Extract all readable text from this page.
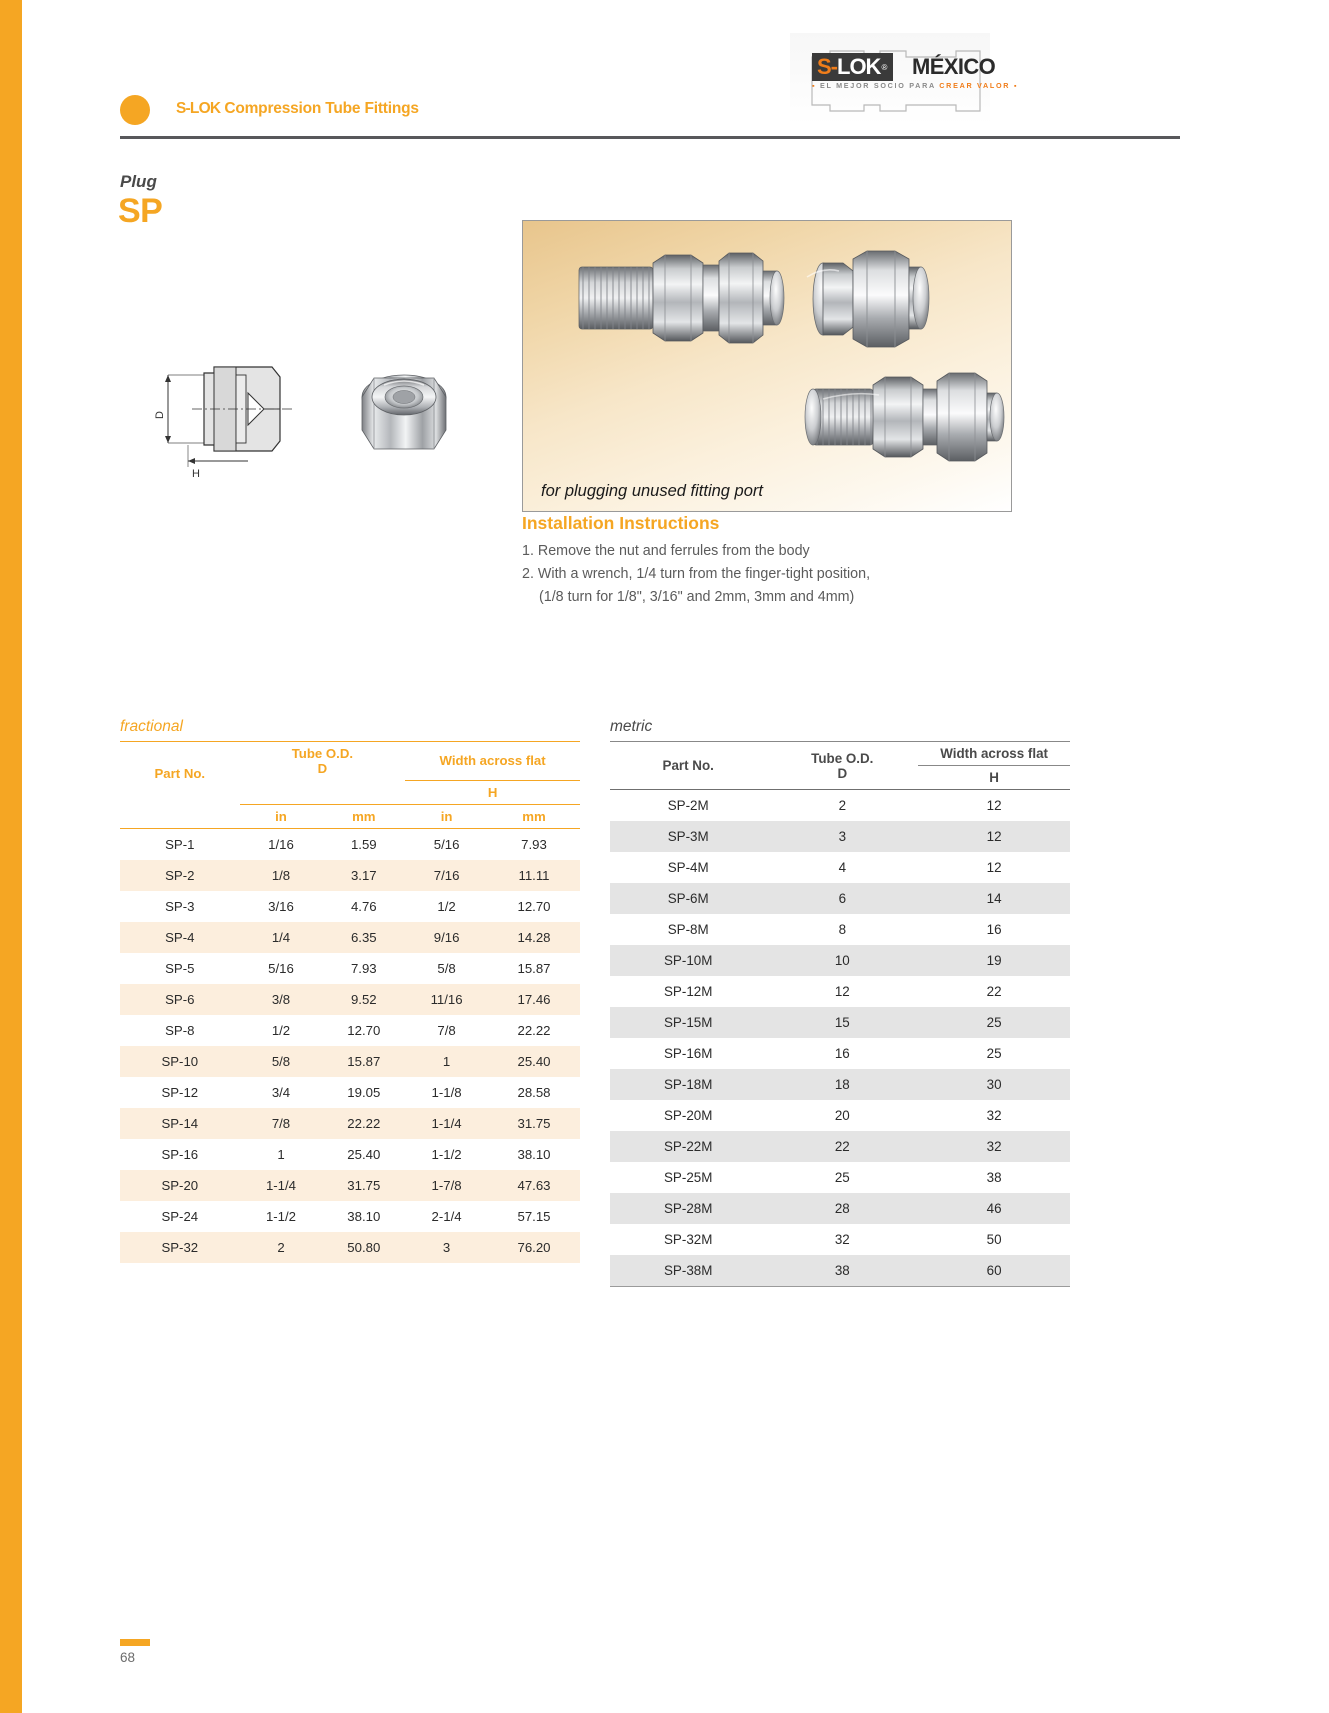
S-LOK Compression Tube Fittings
S- LOK ® MÉXICO
▪ EL MEJOR SOCIO PARA CREAR VALOR ▪
Plug
SP
D
H
for plugging unused fitting port
Installation Instructions

1. Remove the nut and ferrules from the body

2. With a wrench, 1/4 turn from the finger-tight position,

(1/8 turn for 1/8", 3/16" and 2mm, 3mm and 4mm)

fractional
Part No.	Tube O.D.
D		Width across flat	
			H	
	in	mm	in	mm
SP-1	1/16	1.59	5/16	7.93
SP-2	1/8	3.17	7/16	11.11
SP-3	3/16	4.76	1/2	12.70
SP-4	1/4	6.35	9/16	14.28
SP-5	5/16	7.93	5/8	15.87
SP-6	3/8	9.52	11/16	17.46
SP-8	1/2	12.70	7/8	22.22
SP-10	5/8	15.87	1	25.40
SP-12	3/4	19.05	1-1/8	28.58
SP-14	7/8	22.22	1-1/4	31.75
SP-16	1	25.40	1-1/2	38.10
SP-20	1-1/4	31.75	1-7/8	47.63
SP-24	1-1/2	38.10	2-1/4	57.15
SP-32	2	50.80	3	76.20
metric
Part No.	Tube O.D.
D	Width across flat
		H

SP-2M	2	12
SP-3M	3	12
SP-4M	4	12
SP-6M	6	14
SP-8M	8	16
SP-10M	10	19
SP-12M	12	22
SP-15M	15	25
SP-16M	16	25
SP-18M	18	30
SP-20M	20	32
SP-22M	22	32
SP-25M	25	38
SP-28M	28	46
SP-32M	32	50
SP-38M	38	60
68
